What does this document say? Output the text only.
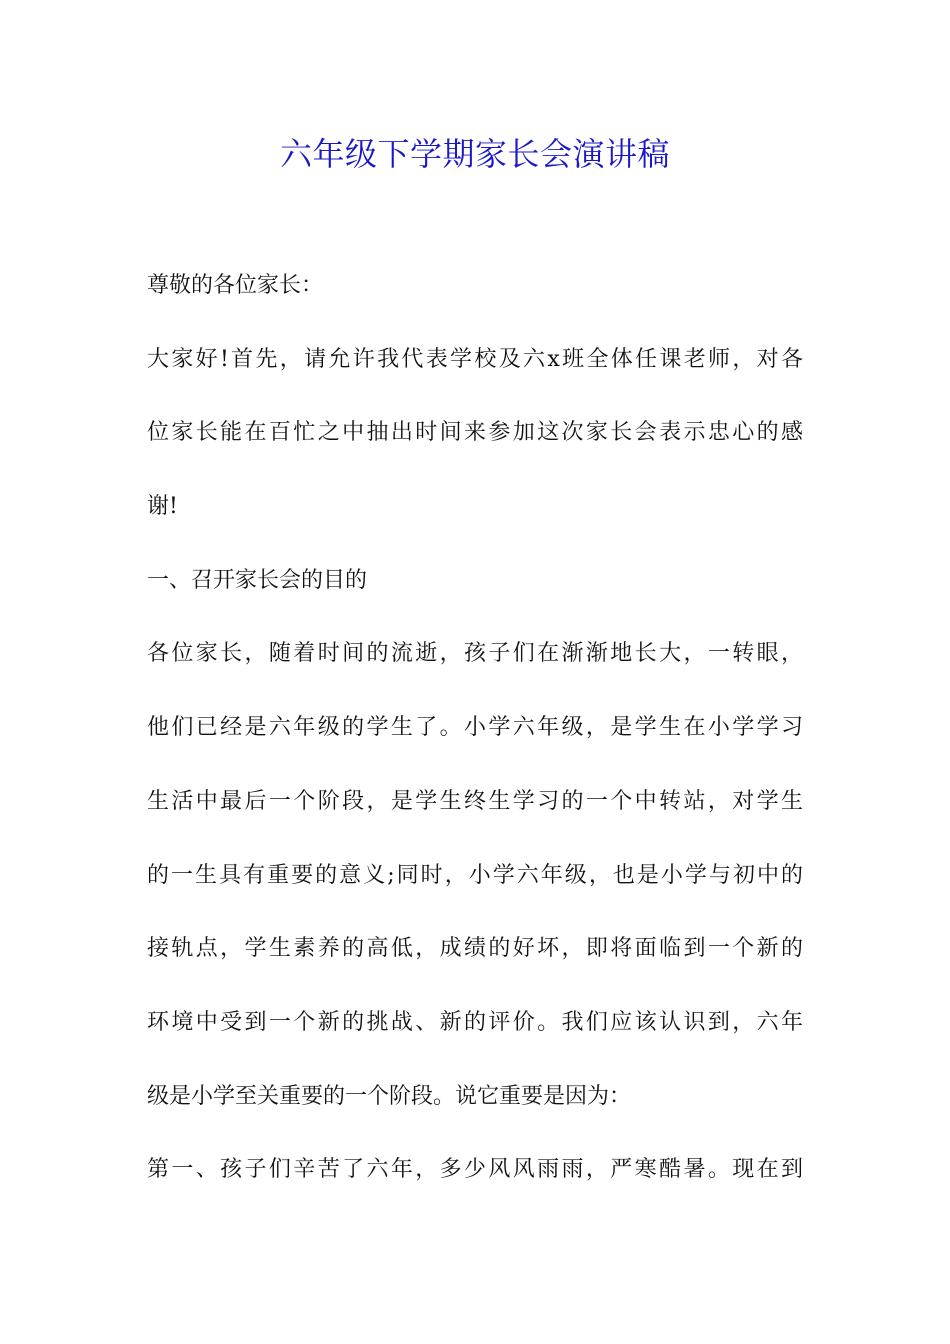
六年级下学期家长会演讲稿
尊敬的各位家长：
大家好!首先，请允许我代表学校及六x班全体任课老师，对各
位家长能在百忙之中抽出时间来参加这次家长会表示忠心的感
谢!
一、召开家长会的目的
各位家长，随着时间的流逝，孩子们在渐渐地长大，一转眼，
他们已经是六年级的学生了。小学六年级，是学生在小学学习
生活中最后一个阶段，是学生终生学习的一个中转站，对学生
的一生具有重要的意义;同时，小学六年级，也是小学与初中的
接轨点，学生素养的高低，成绩的好坏，即将面临到一个新的
环境中受到一个新的挑战、新的评价。我们应该认识到，六年
级是小学至关重要的一个阶段。说它重要是因为：
第一、孩子们辛苦了六年，多少风风雨雨，严寒酷暑。现在到
